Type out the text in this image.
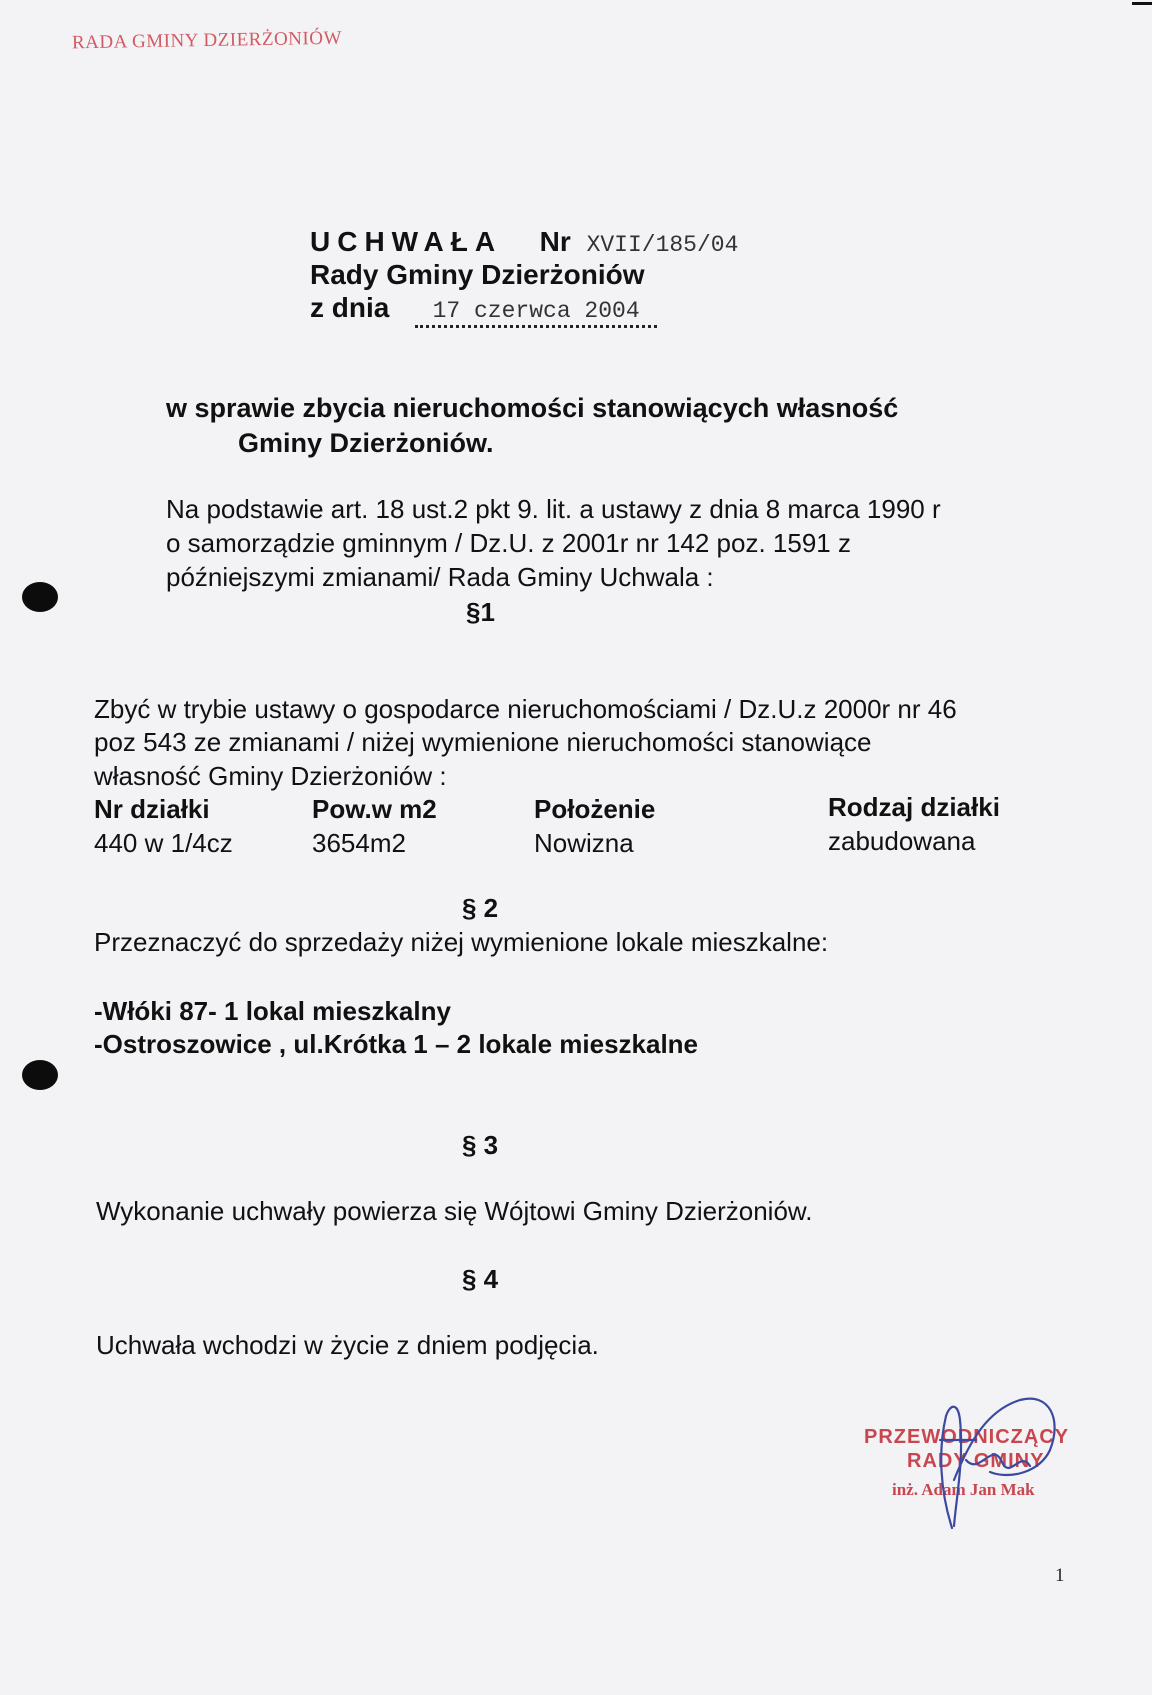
RADA GMINY DZIERŻONIÓW
UCHWAŁA Nr XVII/185/04
Rady Gminy Dzierżoniów
z dnia 17 czerwca 2004
w sprawie zbycia nieruchomości stanowiących własność
Gminy Dzierżoniów.
Na podstawie art. 18 ust.2 pkt 9. lit. a ustawy z dnia 8 marca 1990 r
o samorządzie gminnym / Dz.U. z 2001r nr 142 poz. 1591 z
późniejszymi zmianami/ Rada Gminy Uchwala :
§1
Zbyć w trybie ustawy o gospodarce nieruchomościami / Dz.U.z 2000r nr 46
poz 543 ze zmianami / niżej wymienione nieruchomości stanowiące
własność Gminy Dzierżoniów :
Nr działki	Pow.w m2	Położenie	Rodzaj działki
440 w 1/4cz	3654m2	Nowizna	zabudowana
§ 2
Przeznaczyć do sprzedaży niżej wymienione lokale mieszkalne:
-Włóki 87- 1 lokal mieszkalny
-Ostroszowice , ul.Krótka 1 – 2 lokale mieszkalne
§ 3
Wykonanie uchwały powierza się Wójtowi Gminy Dzierżoniów.
§ 4
Uchwała wchodzi w życie z dniem podjęcia.
PRZEWODNICZĄCY
RADY GMINY
inż. Adam Jan Mak
1
